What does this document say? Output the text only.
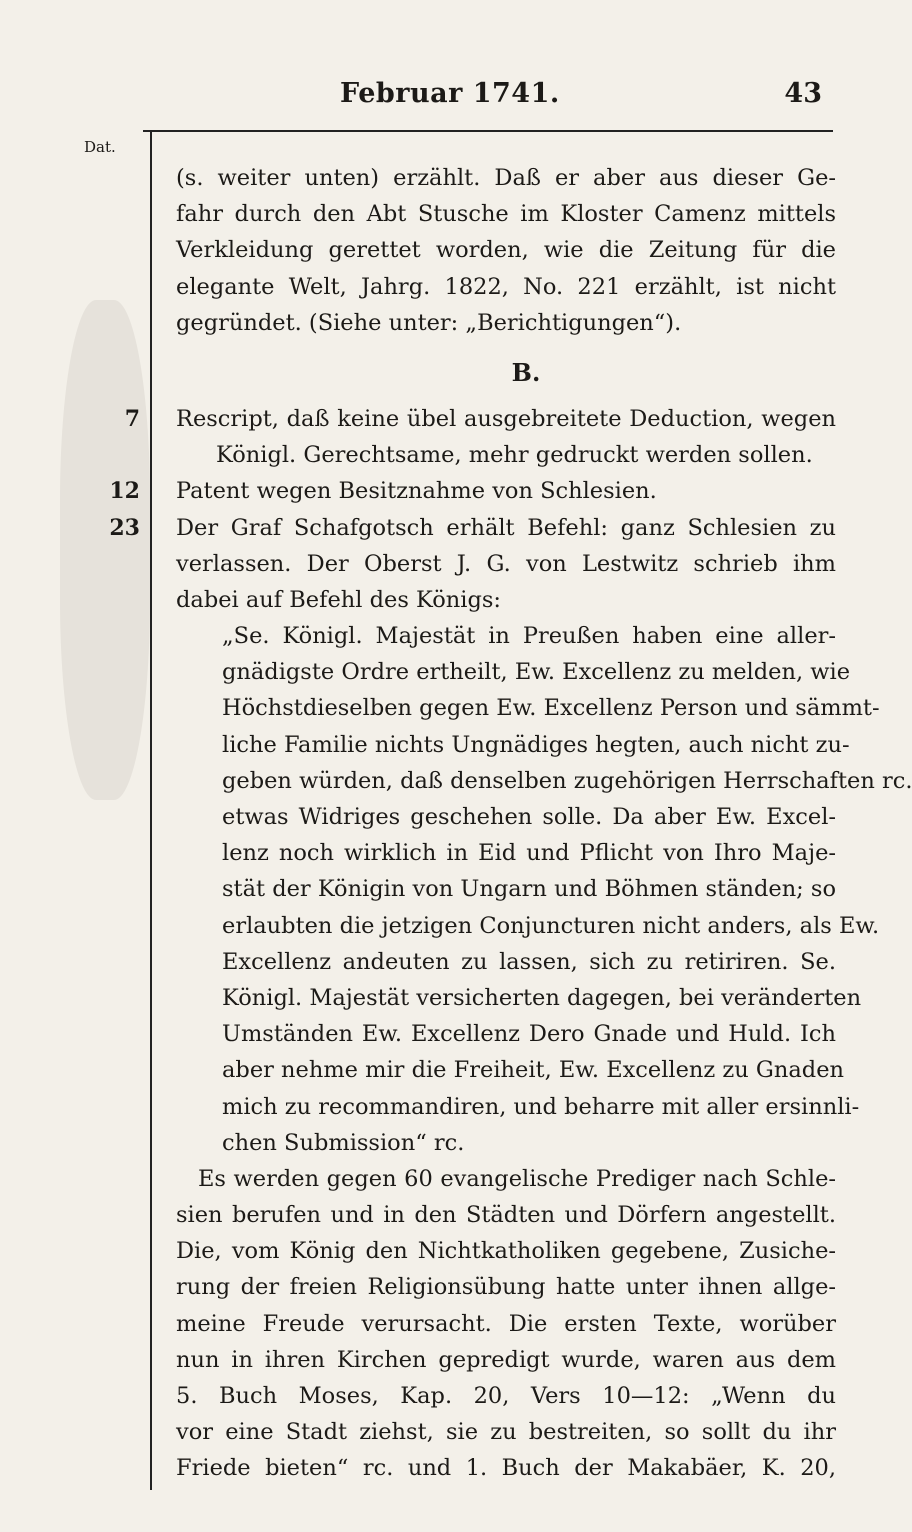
Februar 1741.	43
Dat.
(s. weiter unten) erzählt. Daß er aber aus dieser Ge-
fahr durch den Abt Stusche im Kloster Camenz mittels
Verkleidung gerettet worden, wie die Zeitung für die
elegante Welt, Jahrg. 1822, No. 221 erzählt, ist nicht
gegründet. (Siehe unter: „Berichtigungen“).
B.
7 Rescript, daß keine übel ausgebreitete Deduction, wegen
Königl. Gerechtsame, mehr gedruckt werden sollen.
12 Patent wegen Besitznahme von Schlesien.
23 Der Graf Schafgotsch erhält Befehl: ganz Schlesien zu
verlassen. Der Oberst J. G. von Lestwitz schrieb ihm
dabei auf Befehl des Königs:
„Se. Königl. Majestät in Preußen haben eine aller-
gnädigste Ordre ertheilt, Ew. Excellenz zu melden, wie
Höchstdieselben gegen Ew. Excellenz Person und sämmt-
liche Familie nichts Ungnädiges hegten, auch nicht zu-
geben würden, daß denselben zugehörigen Herrschaften rc.
etwas Widriges geschehen solle. Da aber Ew. Excel-
lenz noch wirklich in Eid und Pflicht von Ihro Maje-
stät der Königin von Ungarn und Böhmen ständen; so
erlaubten die jetzigen Conjuncturen nicht anders, als Ew.
Excellenz andeuten zu lassen, sich zu retiriren. Se.
Königl. Majestät versicherten dagegen, bei veränderten
Umständen Ew. Excellenz Dero Gnade und Huld. Ich
aber nehme mir die Freiheit, Ew. Excellenz zu Gnaden
mich zu recommandiren, und beharre mit aller ersinnli-
chen Submission“ rc.
Es werden gegen 60 evangelische Prediger nach Schle-
sien berufen und in den Städten und Dörfern angestellt.
Die, vom König den Nichtkatholiken gegebene, Zusiche-
rung der freien Religionsübung hatte unter ihnen allge-
meine Freude verursacht. Die ersten Texte, worüber
nun in ihren Kirchen gepredigt wurde, waren aus dem
5. Buch Moses, Kap. 20, Vers 10—12: „Wenn du
vor eine Stadt ziehst, sie zu bestreiten, so sollt du ihr
Friede bieten“ rc. und 1. Buch der Makabäer, K. 20,
